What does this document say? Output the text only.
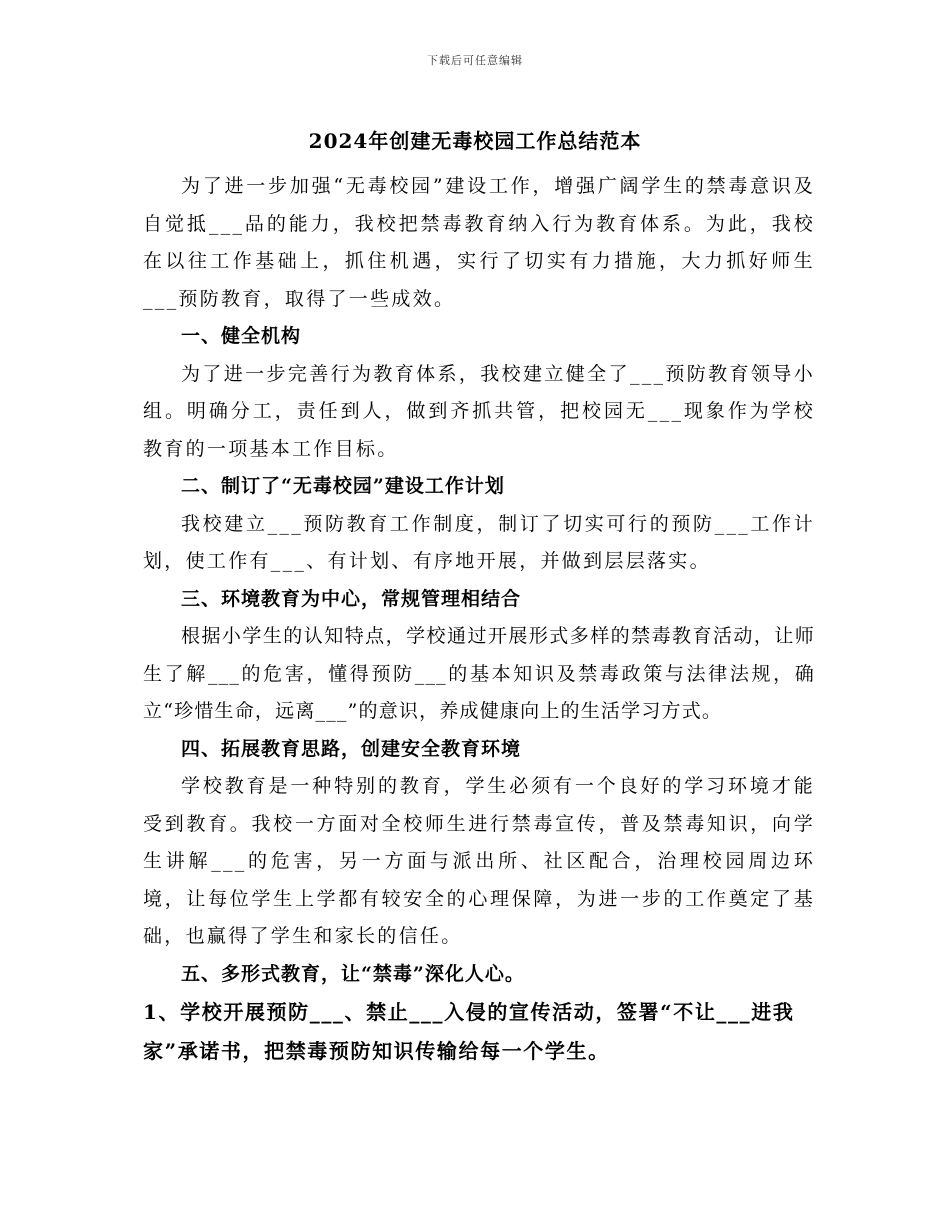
下载后可任意编辑
2024年创建无毒校园工作总结范本

为了进一步加强“无毒校园”建设工作，增强广阔学生的禁毒意识及自觉抵___品的能力，我校把禁毒教育纳入行为教育体系。为此，我校在以往工作基础上，抓住机遇，实行了切实有力措施，大力抓好师生___预防教育，取得了一些成效。

一、健全机构

为了进一步完善行为教育体系，我校建立健全了___预防教育领导小组。明确分工，责任到人，做到齐抓共管，把校园无___现象作为学校教育的一项基本工作目标。

二、制订了“无毒校园”建设工作计划

我校建立___预防教育工作制度，制订了切实可行的预防___工作计划，使工作有___、有计划、有序地开展，并做到层层落实。

三、环境教育为中心，常规管理相结合

根据小学生的认知特点，学校通过开展形式多样的禁毒教育活动，让师生了解___的危害，懂得预防___的基本知识及禁毒政策与法律法规，确立“珍惜生命，远离___”的意识，养成健康向上的生活学习方式。

四、拓展教育思路，创建安全教育环境

学校教育是一种特别的教育，学生必须有一个良好的学习环境才能受到教育。我校一方面对全校师生进行禁毒宣传，普及禁毒知识，向学生讲解___的危害，另一方面与派出所、社区配合，治理校园周边环境，让每位学生上学都有较安全的心理保障，为进一步的工作奠定了基础，也赢得了学生和家长的信任。

五、多形式教育，让“禁毒”深化人心。

1、学校开展预防___、禁止___入侵的宣传活动，签署“不让___进我家”承诺书，把禁毒预防知识传输给每一个学生。
